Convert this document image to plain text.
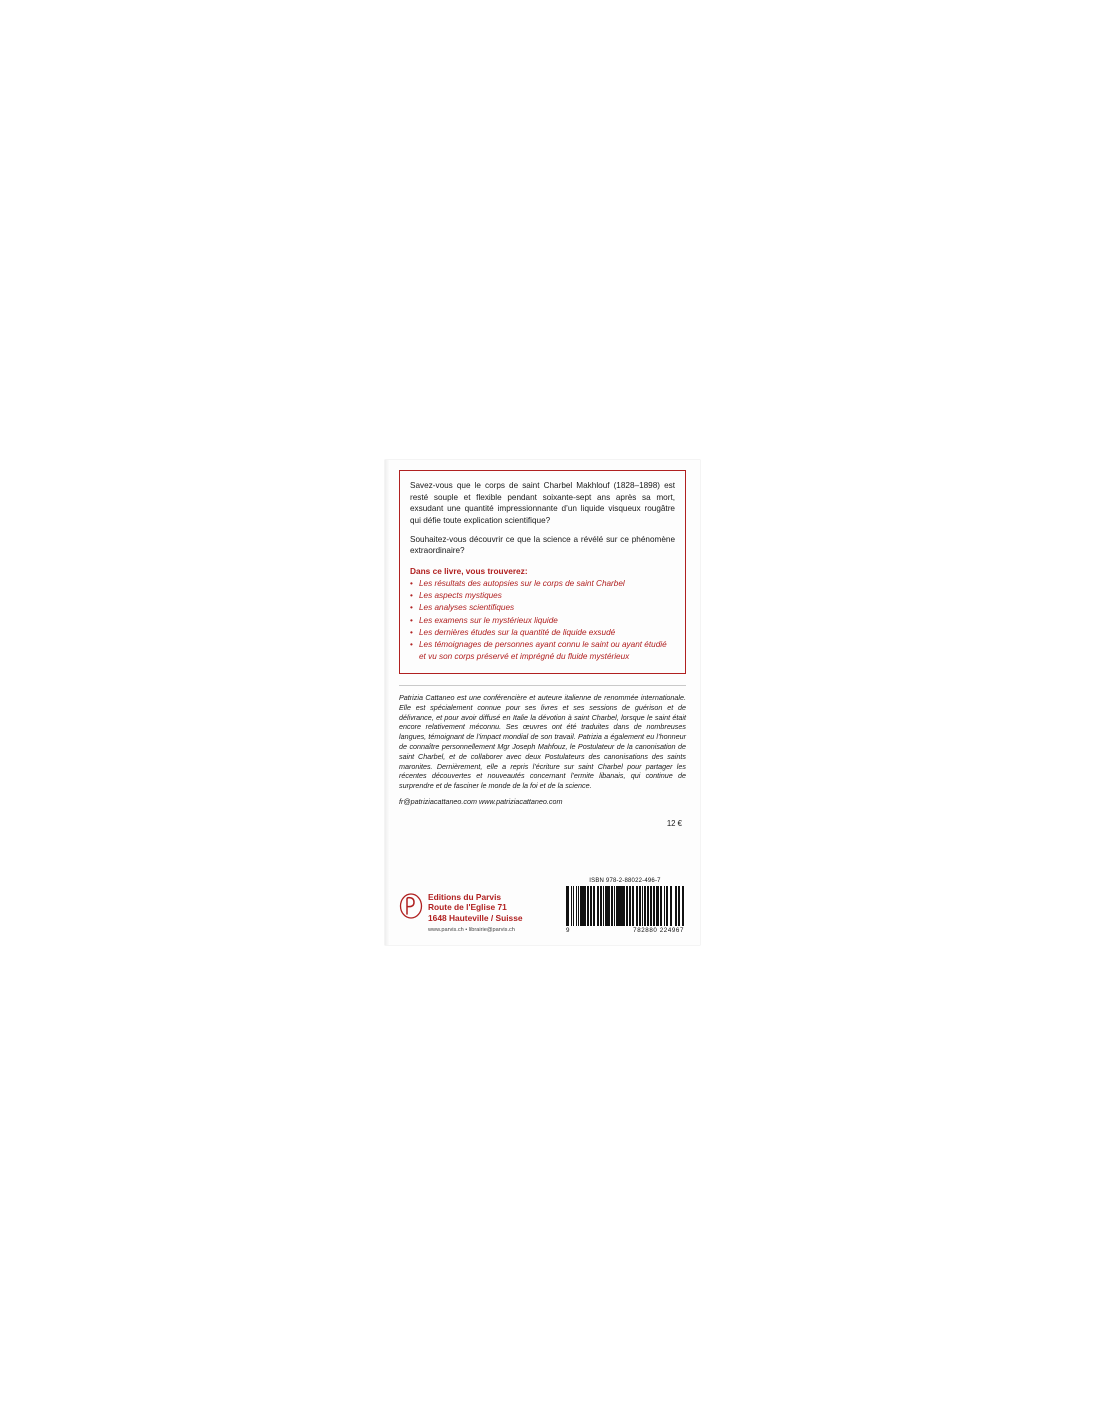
Savez-vous que le corps de saint Charbel Makhlouf (1828–1898) est resté souple et flexible pendant soixante-sept ans après sa mort, exsudant une quantité impressionnante d’un liquide visqueux rougâtre qui défie toute explication scientifique?

Souhaitez-vous découvrir ce que la science a révélé sur ce phénomène extraordinaire?

Dans ce livre, vous trouverez:
• Les résultats des autopsies sur le corps de saint Charbel
• Les aspects mystiques
• Les analyses scientifiques
• Les examens sur le mystérieux liquide
• Les dernières études sur la quantité de liquide exsudé
• Les témoignages de personnes ayant connu le saint ou ayant étudié et vu son corps préservé et imprégné du fluide mystérieux

Patrizia Cattaneo est une conférencière et auteure italienne de renommée internationale. Elle est spécialement connue pour ses livres et ses sessions de guérison et de délivrance, et pour avoir diffusé en Italie la dévotion à saint Charbel, lorsque le saint était encore relativement méconnu. Ses œuvres ont été traduites dans de nombreuses langues, témoignant de l’impact mondial de son travail. Patrizia a également eu l’honneur de connaître personnellement Mgr Joseph Mahfouz, le Postulateur de la canonisation de saint Charbel, et de collaborer avec deux Postulateurs des canonisations des saints maronites. Dernièrement, elle a repris l’écriture sur saint Charbel pour partager les récentes découvertes et nouveautés concernant l’ermite libanais, qui continue de surprendre et de fasciner le monde de la foi et de la science.

fr@patriziacattaneo.com www.patriziacattaneo.com
12 €
Editions du Parvis
Route de l'Eglise 71
1648 Hauteville / Suisse
www.parvis.ch • librairie@parvis.ch
ISBN 978-2-88022-496-7
9	782880 224967
